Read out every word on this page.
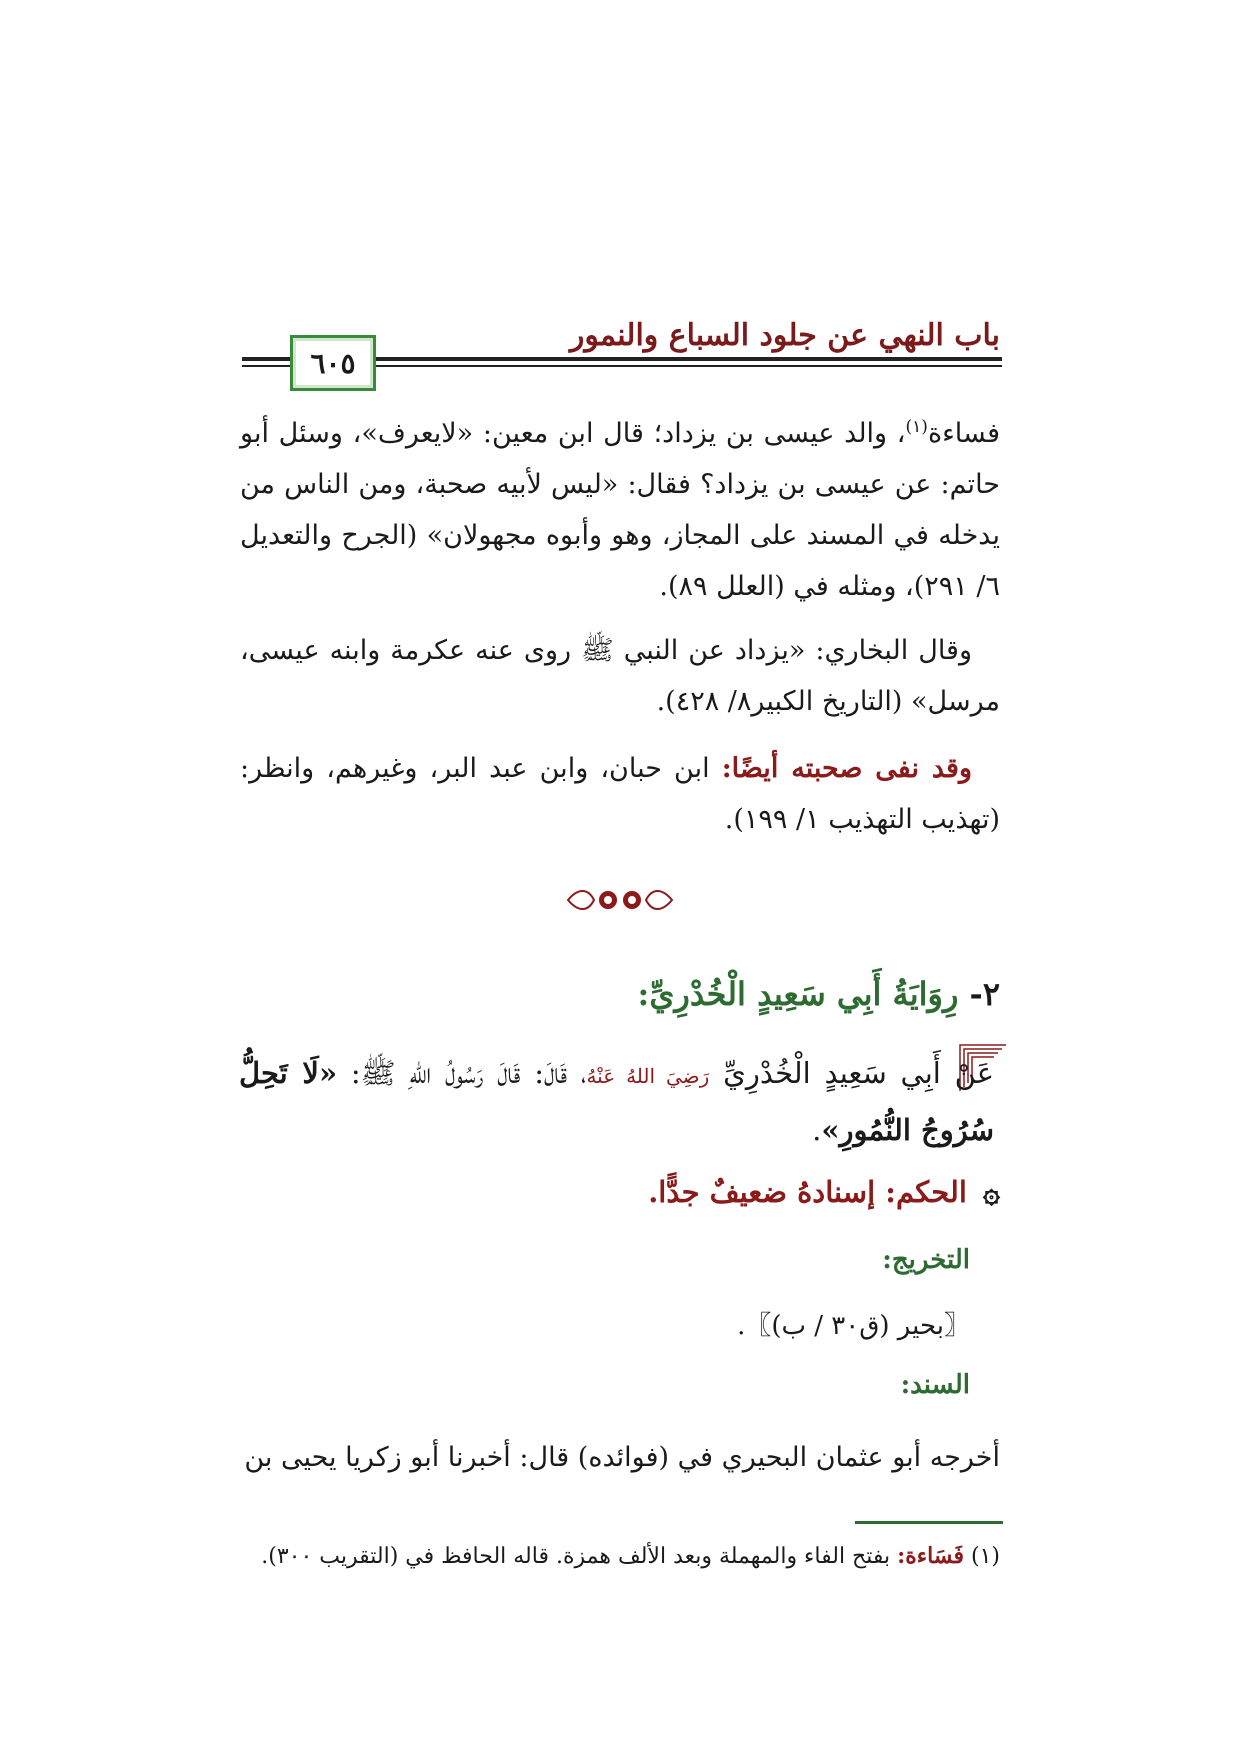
باب النهي عن جلود السباع والنمور
٦٠٥
فساءة$^{(١)}$، والد عيسى بن يزداد؛ قال ابن معين: «لايعرف»، وسئل أبو حاتم: عن عيسى بن يزداد؟ فقال: «ليس لأبيه صحبة، ومن الناس من يدخله في المسند على المجاز، وهو وأبوه مجهولان» (الجرح والتعديل ٦/ ٢٩١)، ومثله في (العلل ٨٩).
وقال البخاري: «يزداد عن النبي ﷺ روى عنه عكرمة وابنه عيسى، مرسل» (التاريخ الكبير٨/ ٤٢٨).
وقد نفى صحبته أيضًا: ابن حبان، وابن عبد البر، وغيرهم، وانظر: (تهذيب التهذيب ١/ ١٩٩).
٢- رِوَايَةُ أَبِي سَعِيدٍ الْخُدْرِيِّ:
عَنْ أَبِي سَعِيدٍ الْخُدْرِيِّ رَضِيَ اللهُ عَنْهُ، قَالَ: قَالَ رَسُولُ اللهِ ﷺ: «لَا تَحِلُّ سُرُوجُ النُّمُورِ».
۞ الحكم: إسنادهُ ضعيفٌ جدًّا.
التخريج:
〖بحير (ق٣٠ / ب)〗.
السند:
أخرجه أبو عثمان البحيري في (فوائده) قال: أخبرنا أبو زكريا يحيى بن
(١) فَسَاءة: بفتح الفاء والمهملة وبعد الألف همزة. قاله الحافظ في (التقريب ٣٠٠).
